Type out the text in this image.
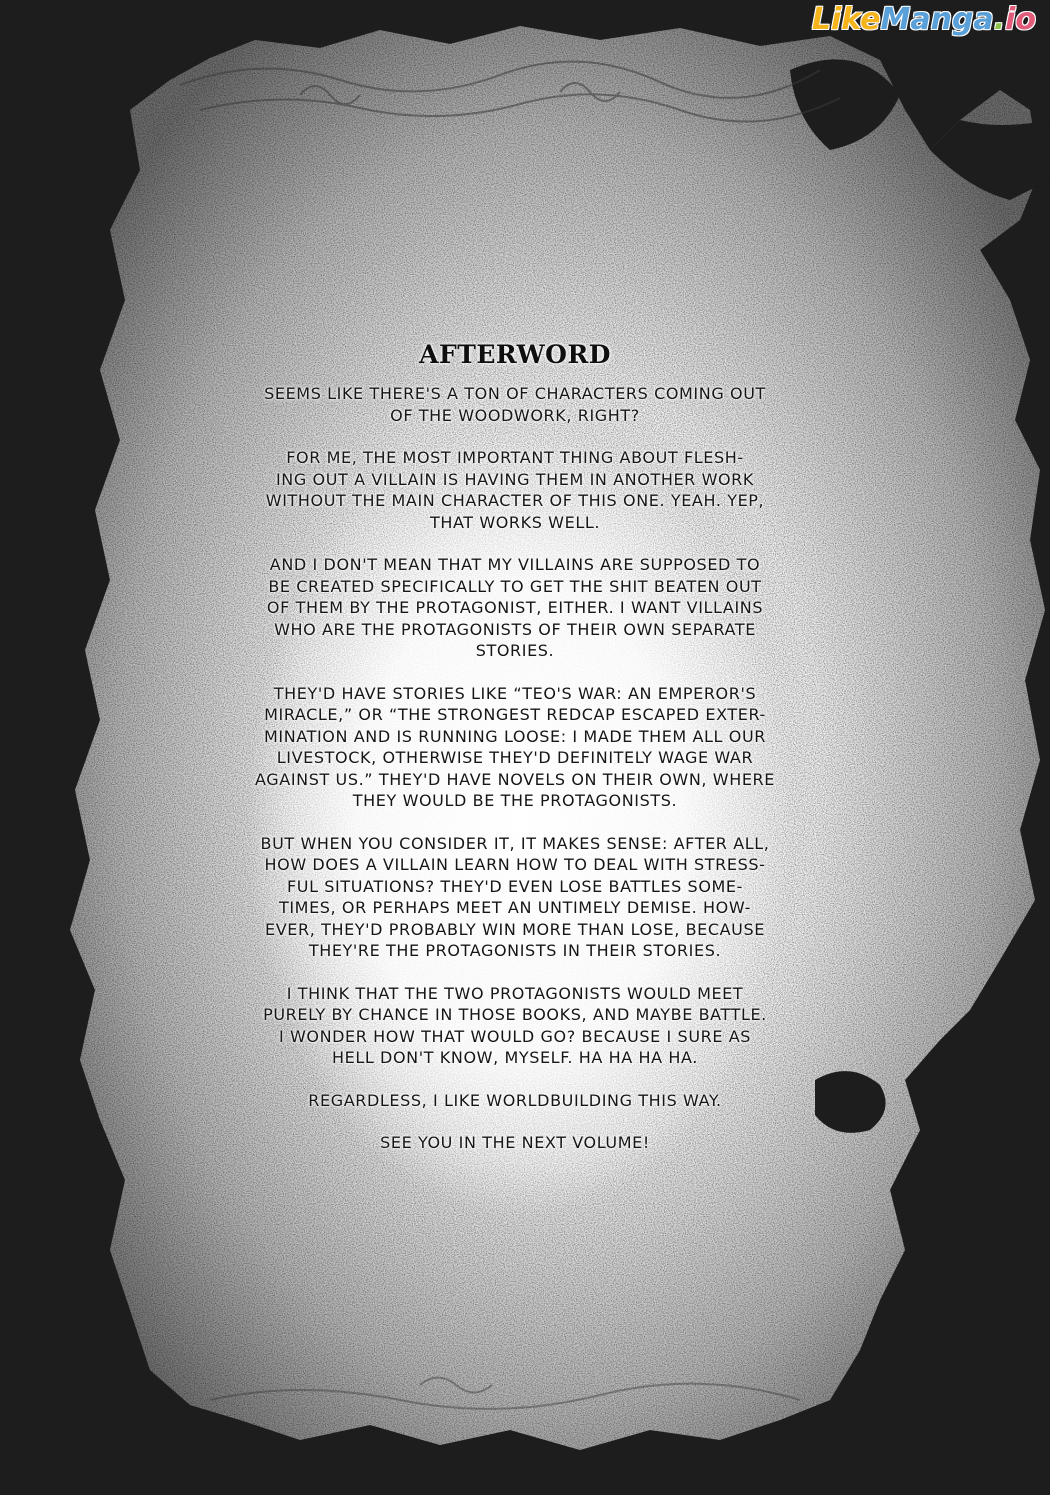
LikeManga.io
AFTERWORD
SEEMS LIKE THERE'S A TON OF CHARACTERS COMING OUT
OF THE WOODWORK, RIGHT?
FOR ME, THE MOST IMPORTANT THING ABOUT FLESH-
ING OUT A VILLAIN IS HAVING THEM IN ANOTHER WORK
WITHOUT THE MAIN CHARACTER OF THIS ONE. YEAH. YEP,
THAT WORKS WELL.
AND I DON'T MEAN THAT MY VILLAINS ARE SUPPOSED TO
BE CREATED SPECIFICALLY TO GET THE SHIT BEATEN OUT
OF THEM BY THE PROTAGONIST, EITHER. I WANT VILLAINS
WHO ARE THE PROTAGONISTS OF THEIR OWN SEPARATE
STORIES.
THEY'D HAVE STORIES LIKE “TEO'S WAR: AN EMPEROR'S
MIRACLE,” OR “THE STRONGEST REDCAP ESCAPED EXTER-
MINATION AND IS RUNNING LOOSE: I MADE THEM ALL OUR
LIVESTOCK, OTHERWISE THEY'D DEFINITELY WAGE WAR
AGAINST US.” THEY'D HAVE NOVELS ON THEIR OWN, WHERE
THEY WOULD BE THE PROTAGONISTS.
BUT WHEN YOU CONSIDER IT, IT MAKES SENSE: AFTER ALL,
HOW DOES A VILLAIN LEARN HOW TO DEAL WITH STRESS-
FUL SITUATIONS? THEY'D EVEN LOSE BATTLES SOME-
TIMES, OR PERHAPS MEET AN UNTIMELY DEMISE. HOW-
EVER, THEY'D PROBABLY WIN MORE THAN LOSE, BECAUSE
THEY'RE THE PROTAGONISTS IN THEIR STORIES.
I THINK THAT THE TWO PROTAGONISTS WOULD MEET
PURELY BY CHANCE IN THOSE BOOKS, AND MAYBE BATTLE.
I WONDER HOW THAT WOULD GO? BECAUSE I SURE AS
HELL DON'T KNOW, MYSELF. HA HA HA HA.
REGARDLESS, I LIKE WORLDBUILDING THIS WAY.
SEE YOU IN THE NEXT VOLUME!
